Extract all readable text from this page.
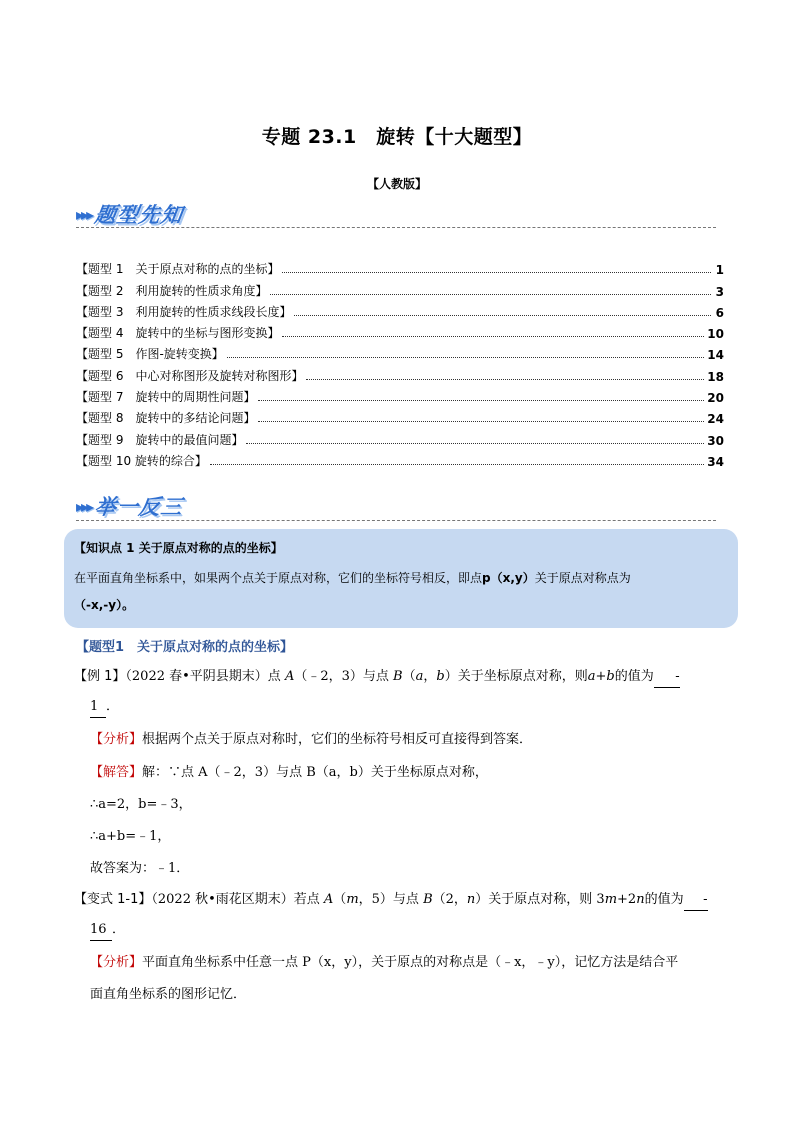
专题 23.1　旋转【十大题型】
【人教版】
▸▸▸ 题型先知
【题型 1　关于原点对称的点的坐标】	1
【题型 2　利用旋转的性质求角度】	3
【题型 3　利用旋转的性质求线段长度】	6
【题型 4　旋转中的坐标与图形变换】	10
【题型 5　作图-旋转变换】	14
【题型 6　中心对称图形及旋转对称图形】	18
【题型 7　旋转中的周期性问题】	20
【题型 8　旋转中的多结论问题】	24
【题型 9　旋转中的最值问题】	30
【题型 10 旋转的综合】	34
▸▸▸ 举一反三
【知识点 1 关于原点对称的点的坐标】
在平面直角坐标系中，如果两个点关于原点对称，它们的坐标符号相反，即点p（x,y）关于原点对称点为
（-x,-y）。
【题型1　关于原点对称的点的坐标】
【例 1】（2022 春•平阴县期末）点 A（﹣2，3）与点 B（a，b）关于坐标原点对称，则a+b的值为 -
1 ．
【分析】根据两个点关于原点对称时，它们的坐标符号相反可直接得到答案．
【解答】解：∵点 A（﹣2，3）与点 B（a，b）关于坐标原点对称，
∴a=2，b=﹣3，
∴a+b=﹣1，
故答案为：﹣1．
【变式 1-1】（2022 秋•雨花区期末）若点 A（m，5）与点 B（2，n）关于原点对称，则 3m+2n的值为 -
16 ．
【分析】平面直角坐标系中任意一点 P（x，y），关于原点的对称点是（﹣x，﹣y），记忆方法是结合平
面直角坐标系的图形记忆．
